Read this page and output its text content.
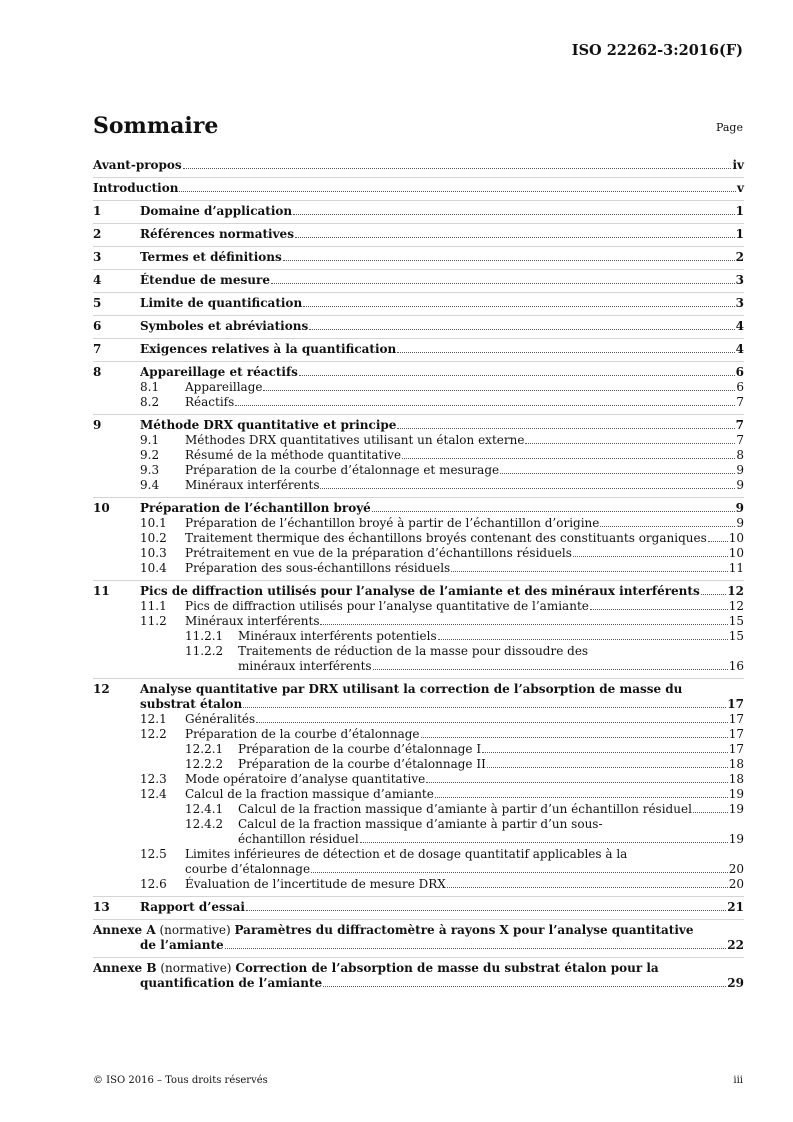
ISO 22262-3:2016(F)
Sommaire	Page
Avant-propos	iv
Introduction	v
1	Domaine d’application	1
2	Références normatives	1
3	Termes et définitions	2
4	Étendue de mesure	3
5	Limite de quantification	3
6	Symboles et abréviations	4
7	Exigences relatives à la quantification	4
8	Appareillage et réactifs	6
8.1	Appareillage	6
8.2	Réactifs	7
9	Méthode DRX quantitative et principe	7
9.1	Méthodes DRX quantitatives utilisant un étalon externe	7
9.2	Résumé de la méthode quantitative	8
9.3	Préparation de la courbe d’étalonnage et mesurage	9
9.4	Minéraux interférents	9
10	Préparation de l’échantillon broyé	9
10.1	Préparation de l’échantillon broyé à partir de l’échantillon d’origine	9
10.2	Traitement thermique des échantillons broyés contenant des constituants organiques 10
10.3	Prétraitement en vue de la préparation d’échantillons résiduels	10
10.4	Préparation des sous-échantillons résiduels	11
11	Pics de diffraction utilisés pour l’analyse de l’amiante et des minéraux interférents 12
11.1	Pics de diffraction utilisés pour l’analyse quantitative de l’amiante	12
11.2	Minéraux interférents	15
11.2.1	Minéraux interférents potentiels	15
11.2.2 Traitements de réduction de la masse pour dissoudre des
minéraux interférents	16
12	Analyse quantitative par DRX utilisant la correction de l’absorption de masse du
substrat étalon	17
12.1	Généralités	17
12.2	Préparation de la courbe d’étalonnage	17
12.2.1	Préparation de la courbe d’étalonnage I	17
12.2.2	Préparation de la courbe d’étalonnage II	18
12.3	Mode opératoire d’analyse quantitative	18
12.4	Calcul de la fraction massique d’amiante	19
12.4.1	Calcul de la fraction massique d’amiante à partir d’un échantillon résiduel	19
12.4.2 Calcul de la fraction massique d’amiante à partir d’un sous-
échantillon résiduel	19
12.5 Limites inférieures de détection et de dosage quantitatif applicables à la
courbe d’étalonnage	20
12.6	Évaluation de l’incertitude de mesure DRX	20
13	Rapport d’essai	21
Annexe A (normative) Paramètres du diffractomètre à rayons X pour l’analyse quantitative
de l’amiante	22
Annexe B (normative) Correction de l’absorption de masse du substrat étalon pour la
quantification de l’amiante	29
© ISO 2016 – Tous droits réservés	iii
